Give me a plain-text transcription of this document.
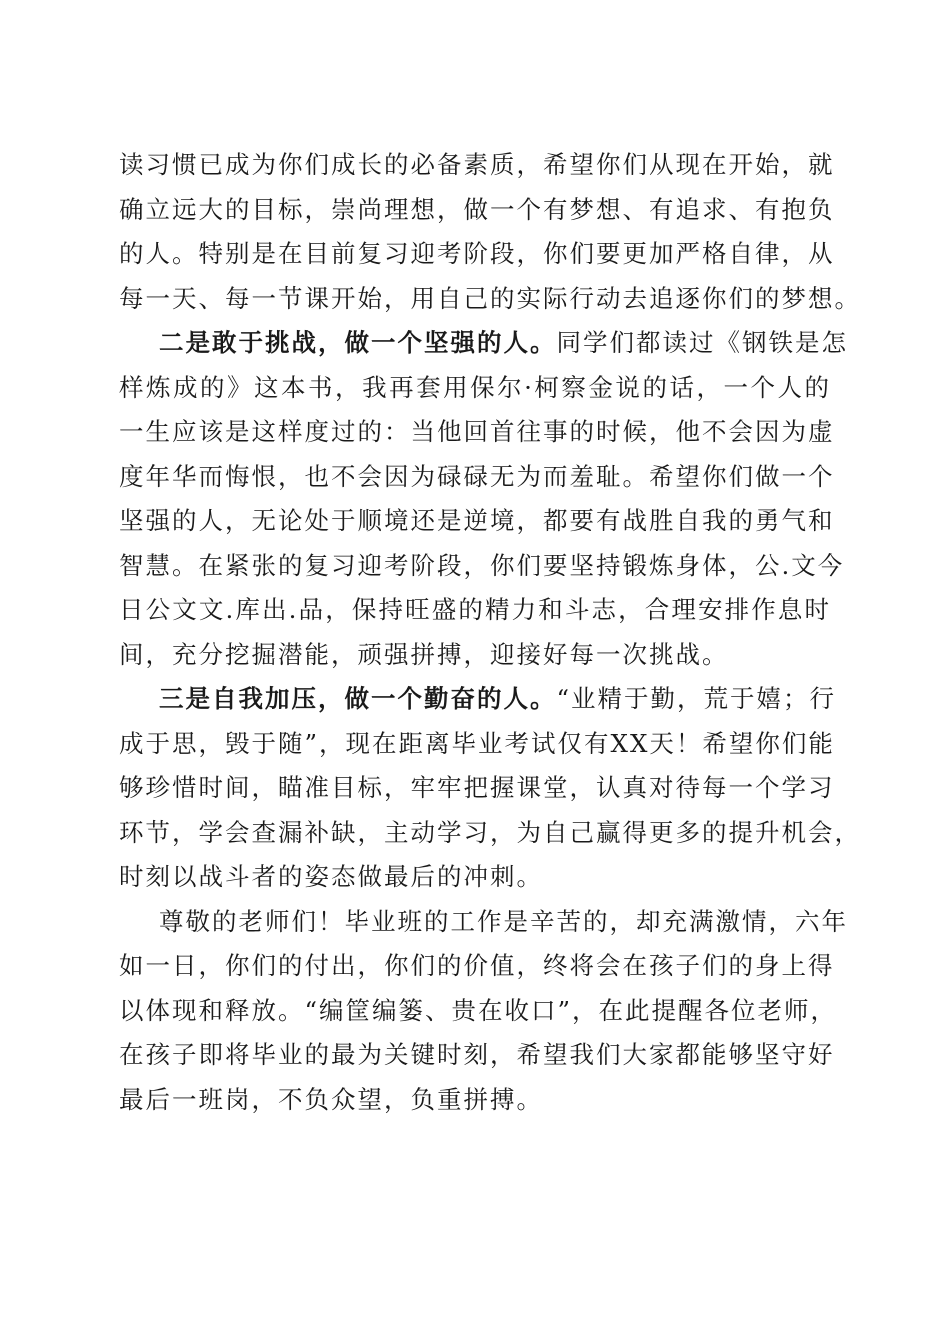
读习惯已成为你们成长的必备素质，希望你们从现在开始，就
确立远大的目标，崇尚理想，做一个有梦想、有追求、有抱负
的人。特别是在目前复习迎考阶段，你们要更加严格自律，从
每一天、每一节课开始，用自己的实际行动去追逐你们的梦想。
二是敢于挑战，做一个坚强的人。同学们都读过《钢铁是怎
样炼成的》这本书，我再套用保尔·柯察金说的话，一个人的
一生应该是这样度过的：当他回首往事的时候，他不会因为虚
度年华而悔恨，也不会因为碌碌无为而羞耻。希望你们做一个
坚强的人，无论处于顺境还是逆境，都要有战胜自我的勇气和
智慧。在紧张的复习迎考阶段，你们要坚持锻炼身体，公.文今
日公文文.库出.品，保持旺盛的精力和斗志，合理安排作息时
间，充分挖掘潜能，顽强拼搏，迎接好每一次挑战。
三是自我加压，做一个勤奋的人。“业精于勤，荒于嬉；行
成于思，毁于随”，现在距离毕业考试仅有XX天！希望你们能
够珍惜时间，瞄准目标，牢牢把握课堂，认真对待每一个学习
环节，学会查漏补缺，主动学习，为自己赢得更多的提升机会，
时刻以战斗者的姿态做最后的冲刺。
尊敬的老师们！毕业班的工作是辛苦的，却充满激情，六年
如一日，你们的付出，你们的价值，终将会在孩子们的身上得
以体现和释放。“编筐编篓、贵在收口”，在此提醒各位老师，
在孩子即将毕业的最为关键时刻，希望我们大家都能够坚守好
最后一班岗，不负众望，负重拼搏。
